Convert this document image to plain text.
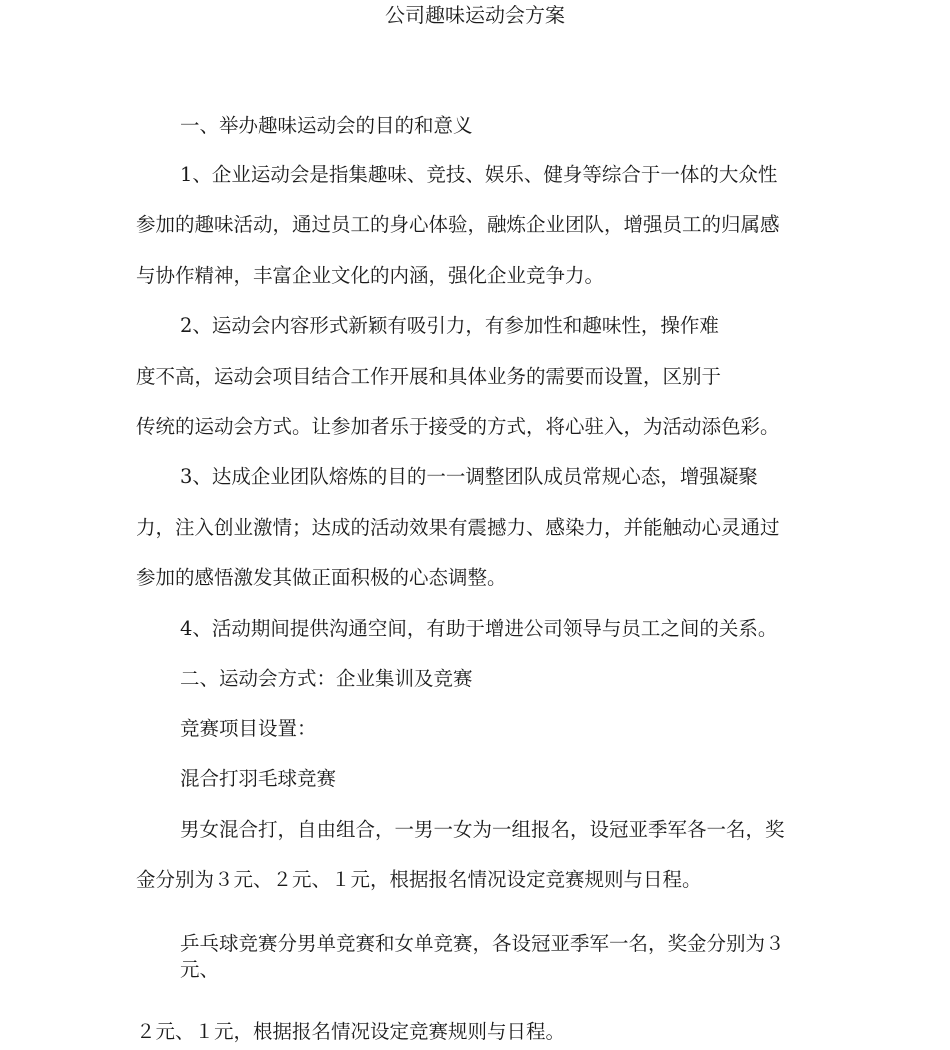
公司趣味运动会方案
一、举办趣味运动会的目的和意义
1、企业运动会是指集趣味、竞技、娱乐、健身等综合于一体的大众性
参加的趣味活动，通过员工的身心体验，融炼企业团队，增强员工的归属感
与协作精神，丰富企业文化的内涵，强化企业竞争力。
2、运动会内容形式新颖有吸引力，有参加性和趣味性，操作难
度不高，运动会项目结合工作开展和具体业务的需要而设置，区别于
传统的运动会方式。让参加者乐于接受的方式，将心驻入，为活动添色彩。
3、达成企业团队熔炼的目的一一调整团队成员常规心态，增强凝聚
力，注入创业激情；达成的活动效果有震撼力、感染力，并能触动心灵通过
参加的感悟激发其做正面积极的心态调整。
4、活动期间提供沟通空间，有助于增进公司领导与员工之间的关系。
二、运动会方式：企业集训及竞赛
竞赛项目设置：
混合打羽毛球竞赛
男女混合打，自由组合，一男一女为一组报名，设冠亚季军各一名，奖
金分别为３元、２元、１元，根据报名情况设定竞赛规则与日程。
乒乓球竞赛分男单竞赛和女单竞赛，各设冠亚季军一名，奖金分别为３
元、
２元、１元，根据报名情况设定竞赛规则与日程。
